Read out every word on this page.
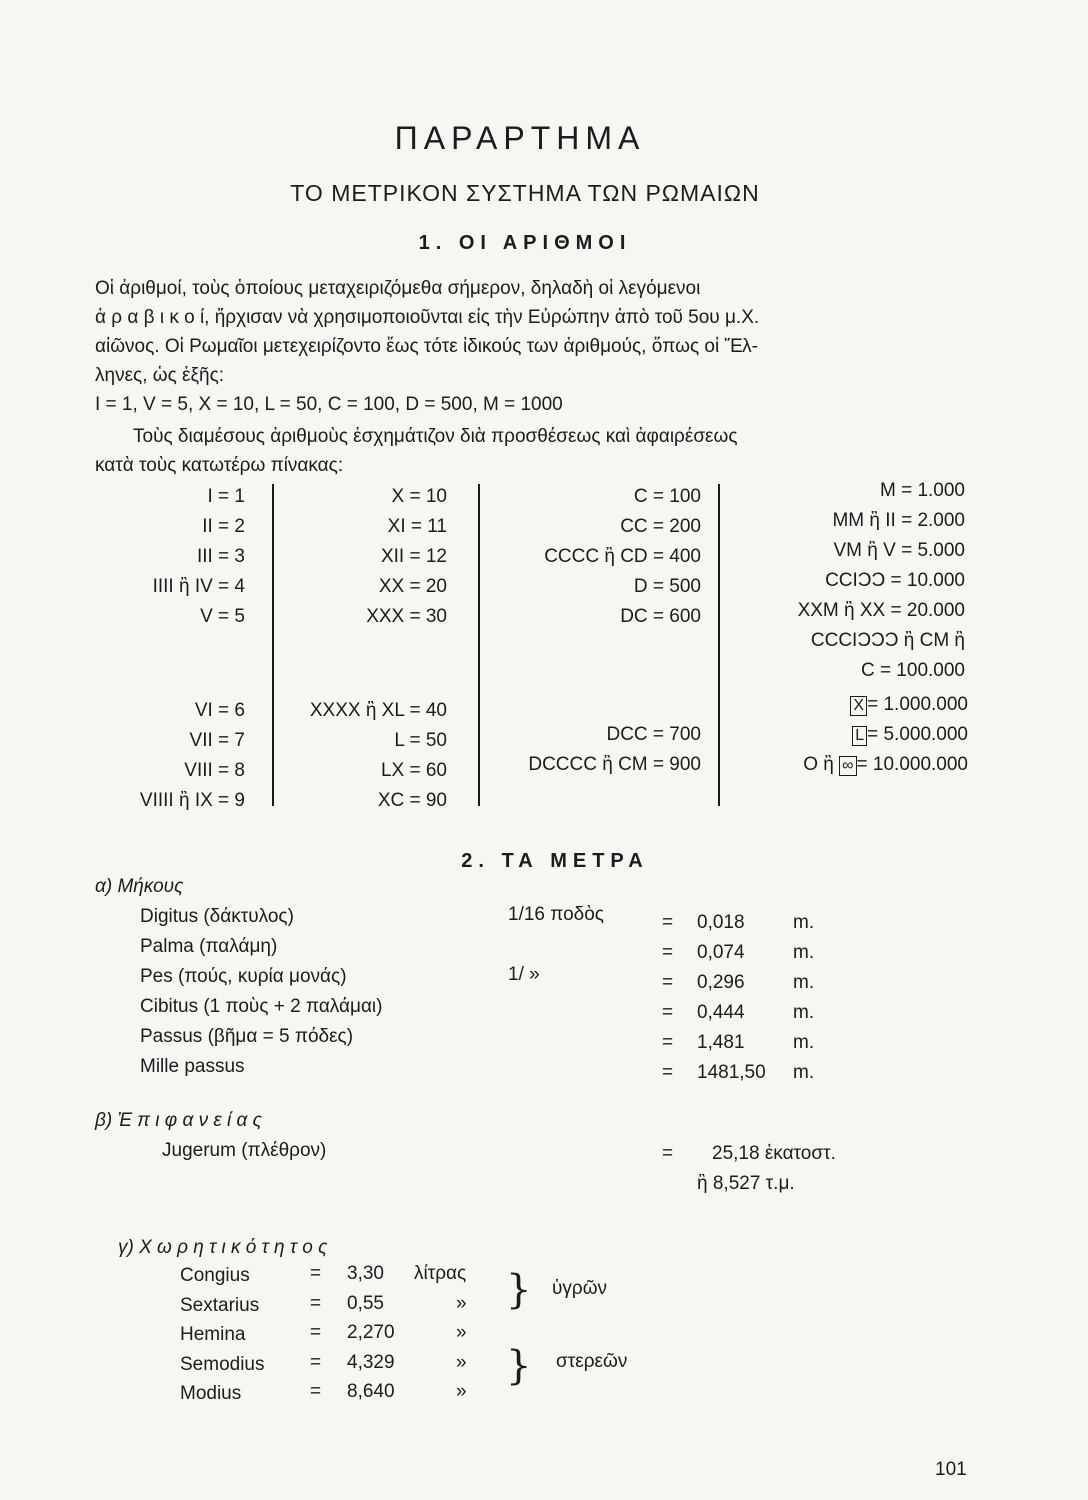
ΠΑΡΑΡΤΗΜΑ
ΤΟ ΜΕΤΡΙΚΟΝ ΣΥΣΤΗΜΑ ΤΩΝ ΡΩΜΑΙΩΝ
1. ΟΙ ΑΡΙΘΜΟΙ
Οἱ ἀριθμοί, τοὺς ὁποίους μεταχειριζόμεθα σήμερον, δηλαδὴ οἱ λεγόμενοι
ἀ ρ α β ι κ ο ί, ἤρχισαν νὰ χρησιμοποιοῦνται εἰς τὴν Εὐρώπην ἀπὸ τοῦ 5ου μ.Χ.
αἰῶνος. Οἱ Ρωμαῖοι μετεχειρίζοντο ἕως τότε ἰδικούς των ἀριθμούς, ὅπως οἱ Ἕλ-
ληνες, ὡς ἑξῆς:
I = 1, V = 5, X = 10, L = 50, C = 100, D = 500, M = 1000
Τοὺς διαμέσους ἀριθμοὺς ἐσχημάτιζον διὰ προσθέσεως καὶ ἀφαιρέσεως
κατὰ τοὺς κατωτέρω πίνακας:
I = 1
II = 2
III = 3
IIII ἢ IV = 4
V = 5
VI = 6
VII = 7
VIII = 8
VIIII ἢ IX = 9
X = 10
XI = 11
XII = 12
XX = 20
XXX = 30
XXXX ἢ XL = 40
L = 50
LX = 60
XC = 90
C = 100
CC = 200
CCCC ἢ CD = 400
D = 500
DC = 600
DCC = 700
DCCCC ἢ CM = 900
M = 1.000
MM ἢ II = 2.000
VM ἢ V = 5.000
CCIƆƆ = 10.000
XXM ἢ XX = 20.000
CCCIƆƆƆ ἢ CM ἢ
C = 100.000
X = 1.000.000
L = 5.000.000
O ἢ ∞ = 10.000.000
2. ΤΑ ΜΕΤΡΑ
α) Μήκους
Digitus (δάκτυλος)
Palma (παλάμη)
Pes (πούς, κυρία μονάς)
Cibitus (1 ποὺς + 2 παλάμαι)
Passus (βῆμα = 5 πόδες)
Mille passus
1/16 ποδὸς
1/ »
=
=
=
=
=
=
0,018
0,074
0,296
0,444
1,481
1481,50
m.
m.
m.
m.
m.
m.
β) Ἐ π ι φ α ν ε ί α ς
Jugerum (πλέθρον)	= 25,18 ἑκατοστ.
ἢ 8,527 τ.μ.
γ) Χ ω ρ η τ ι κ ό τ η τ ο ς
Congius
Sextarius
Hemina
Semodius
Modius
=
=
=
=
=
3,30
0,55
2,270
4,329
8,640
λίτρας
»
»
»
»
} ὑγρῶν
} στερεῶν
101
